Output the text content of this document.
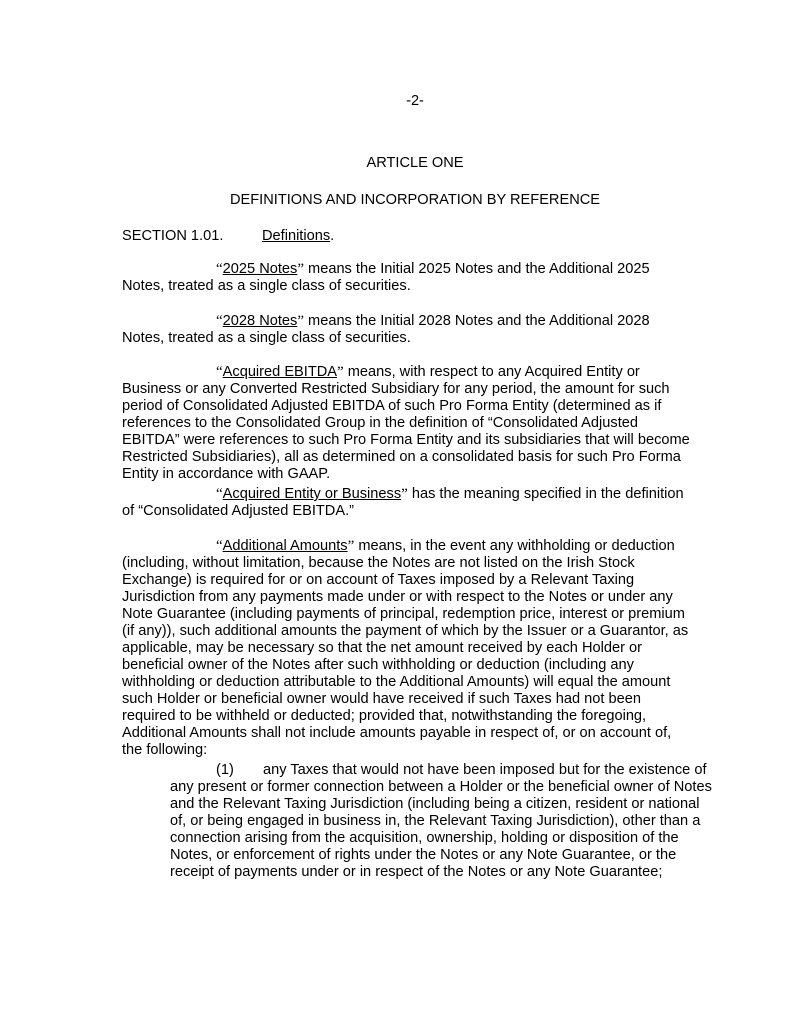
-2-
ARTICLE ONE
DEFINITIONS AND INCORPORATION BY REFERENCE
SECTION 1.01.	Definitions.

“2025 Notes” means the Initial 2025 Notes and the Additional 2025 Notes, treated as a single class of securities.

“2028 Notes” means the Initial 2028 Notes and the Additional 2028 Notes, treated as a single class of securities.

“Acquired EBITDA” means, with respect to any Acquired Entity or Business or any Converted Restricted Subsidiary for any period, the amount for such period of Consolidated Adjusted EBITDA of such Pro Forma Entity (determined as if references to the Consolidated Group in the definition of “Consolidated Adjusted EBITDA” were references to such Pro Forma Entity and its subsidiaries that will become Restricted Subsidiaries), all as determined on a consolidated basis for such Pro Forma Entity in accordance with GAAP.

“Acquired Entity or Business” has the meaning specified in the definition of “Consolidated Adjusted EBITDA.”

“Additional Amounts” means, in the event any withholding or deduction (including, without limitation, because the Notes are not listed on the Irish Stock Exchange) is required for or on account of Taxes imposed by a Relevant Taxing Jurisdiction from any payments made under or with respect to the Notes or under any Note Guarantee (including payments of principal, redemption price, interest or premium (if any)), such additional amounts the payment of which by the Issuer or a Guarantor, as applicable, may be necessary so that the net amount received by each Holder or beneficial owner of the Notes after such withholding or deduction (including any withholding or deduction attributable to the Additional Amounts) will equal the amount such Holder or beneficial owner would have received if such Taxes had not been required to be withheld or deducted; provided that, notwithstanding the foregoing, Additional Amounts shall not include amounts payable in respect of, or on account of, the following:

(1) any Taxes that would not have been imposed but for the existence of any present or former connection between a Holder or the beneficial owner of Notes and the Relevant Taxing Jurisdiction (including being a citizen, resident or national of, or being engaged in business in, the Relevant Taxing Jurisdiction), other than a connection arising from the acquisition, ownership, holding or disposition of the Notes, or enforcement of rights under the Notes or any Note Guarantee, or the receipt of payments under or in respect of the Notes or any Note Guarantee;
